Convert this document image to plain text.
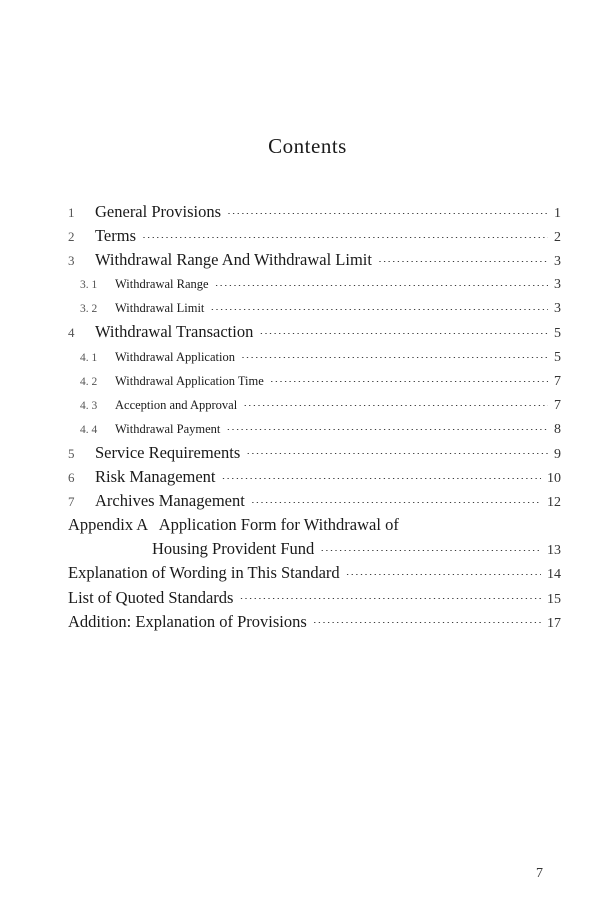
Contents
1	General Provisions ·····	1
2	Terms ·····	2
3	Withdrawal Range And Withdrawal Limit ·····	3
3. 1	Withdrawal Range ·····	3
3. 2	Withdrawal Limit ·····	3
4	Withdrawal Transaction ·····	5
4. 1	Withdrawal Application ·····	5
4. 2	Withdrawal Application Time ·····	7
4. 3	Acception and Approval ·····	7
4. 4	Withdrawal Payment ·····	8
5	Service Requirements ·····	9
6	Risk Management ·····	10
7	Archives Management ·····	12
Appendix A   Application Form for Withdrawal of
Housing Provident Fund ·····	13
Explanation of Wording in This Standard ·····	14
List of Quoted Standards ·····	15
Addition: Explanation of Provisions ·····	17
7
